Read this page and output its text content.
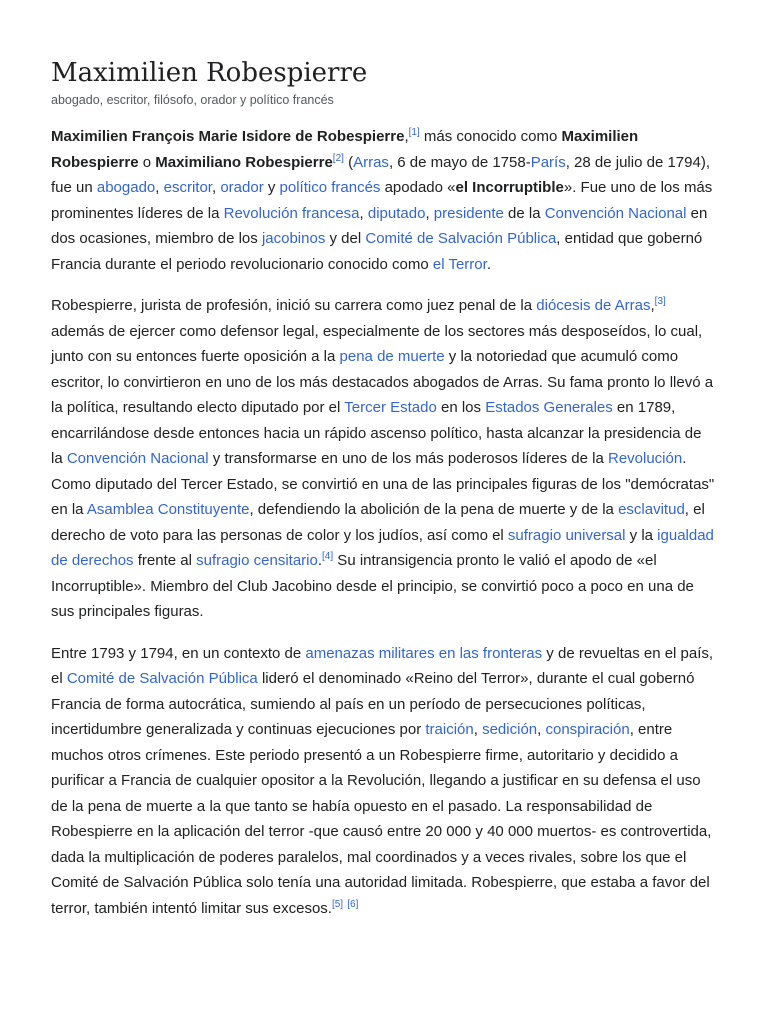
Maximilien Robespierre
abogado, escritor, filósofo, orador y político francés

Maximilien François Marie Isidore de Robespierre,[1] más conocido como Maximilien Robespierre o Maximiliano Robespierre[2] (Arras, 6 de mayo de 1758-París, 28 de julio de 1794), fue un abogado, escritor, orador y político francés apodado «el Incorruptible». Fue uno de los más prominentes líderes de la Revolución francesa, diputado, presidente de la Convención Nacional en dos ocasiones, miembro de los jacobinos y del Comité de Salvación Pública, entidad que gobernó Francia durante el periodo revolucionario conocido como el Terror.

Robespierre, jurista de profesión, inició su carrera como juez penal de la diócesis de Arras,[3] además de ejercer como defensor legal, especialmente de los sectores más desposeídos, lo cual, junto con su entonces fuerte oposición a la pena de muerte y la notoriedad que acumuló como escritor, lo convirtieron en uno de los más destacados abogados de Arras. Su fama pronto lo llevó a la política, resultando electo diputado por el Tercer Estado en los Estados Generales en 1789, encarrilándose desde entonces hacia un rápido ascenso político, hasta alcanzar la presidencia de la Convención Nacional y transformarse en uno de los más poderosos líderes de la Revolución. Como diputado del Tercer Estado, se convirtió en una de las principales figuras de los "demócratas" en la Asamblea Constituyente, defendiendo la abolición de la pena de muerte y de la esclavitud, el derecho de voto para las personas de color y los judíos, así como el sufragio universal y la igualdad de derechos frente al sufragio censitario.[4] Su intransigencia pronto le valió el apodo de «el Incorruptible». Miembro del Club Jacobino desde el principio, se convirtió poco a poco en una de sus principales figuras.

Entre 1793 y 1794, en un contexto de amenazas militares en las fronteras y de revueltas en el país, el Comité de Salvación Pública lideró el denominado «Reino del Terror», durante el cual gobernó Francia de forma autocrática, sumiendo al país en un período de persecuciones políticas, incertidumbre generalizada y continuas ejecuciones por traición, sedición, conspiración, entre muchos otros crímenes. Este periodo presentó a un Robespierre firme, autoritario y decidido a purificar a Francia de cualquier opositor a la Revolución, llegando a justificar en su defensa el uso de la pena de muerte a la que tanto se había opuesto en el pasado. La responsabilidad de Robespierre en la aplicación del terror -que causó entre 20 000 y 40 000 muertos- es controvertida, dada la multiplicación de poderes paralelos, mal coordinados y a veces rivales, sobre los que el Comité de Salvación Pública solo tenía una autoridad limitada. Robespierre, que estaba a favor del terror, también intentó limitar sus excesos.[5] [6]
